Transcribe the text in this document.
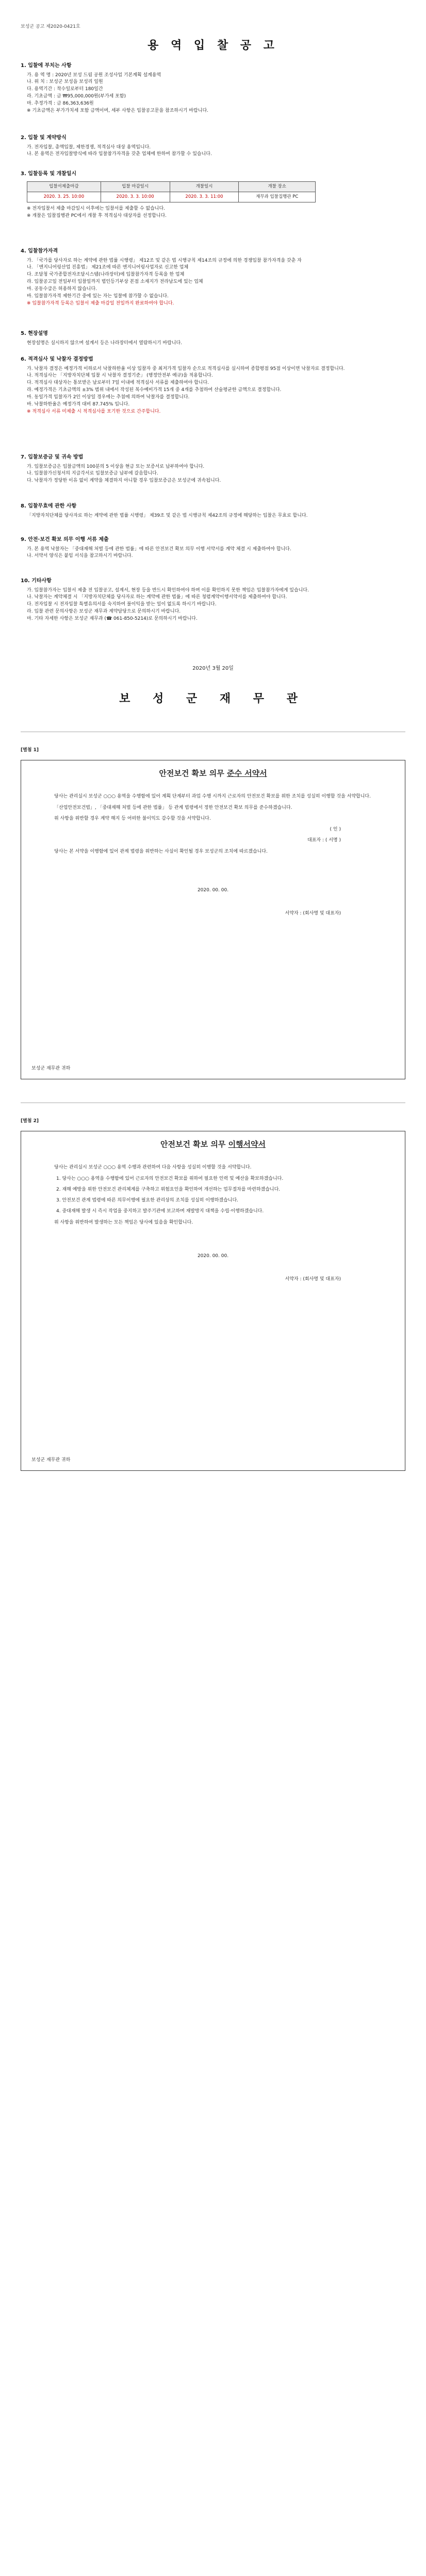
보성군 공고 제2020-0421호
용 역 입 찰 공 고

1. 입찰에 부치는 사항

가. 용 역 명 : 2020년 보성 드림 공원 조성사업 기본계획 설계용역

나. 위 치 : 보성군 보성읍 보성리 일원

다. 용역기간 : 착수일로부터 180일간

라. 기초금액 : 금 ₩95,000,000원(부가세 포함)

마. 추정가격 : 금 86,363,636원

※ 기초금액은 부가가치세 포함 금액이며, 세부 사항은 입찰공고문을 참조하시기 바랍니다.

2. 입찰 및 계약방식

가. 전자입찰, 총액입찰, 제한경쟁, 적격심사 대상 용역입니다.

나. 본 용역은 전자입찰방식에 따라 입찰참가자격을 갖춘 업체에 한하여 참가할 수 있습니다.

3. 입찰등록 및 개찰일시

입찰서제출마감	입찰 마감일시	개찰일시	개찰 장소
2020. 3. 25. 10:00	2020. 3. 3. 10:00	2020. 3. 3. 11:00	재무과 입찰집행관 PC

※ 전자입찰서 제출 마감일시 이후에는 입찰서를 제출할 수 없습니다.

※ 개찰은 입찰집행관 PC에서 개찰 후 적격심사 대상자를 선정합니다.

4. 입찰참가자격

가. 「국가를 당사자로 하는 계약에 관한 법률 시행령」 제12조 및 같은 법 시행규칙 제14조의 규정에 의한 경쟁입찰 참가자격을 갖춘 자

나. 「엔지니어링산업 진흥법」 제21조에 따른 엔지니어링사업자로 신고한 업체

다. 조달청 국가종합전자조달시스템(나라장터)에 입찰참가자격 등록을 한 업체

라. 입찰공고일 전일부터 입찰일까지 법인등기부상 본점 소재지가 전라남도에 있는 업체

마. 공동수급은 허용하지 않습니다.

바. 입찰참가자격 제한기간 중에 있는 자는 입찰에 참가할 수 없습니다.

※ 입찰참가자격 등록은 입찰서 제출 마감일 전일까지 완료하여야 합니다.

5. 현장설명

현장설명은 실시하지 않으며 설계서 등은 나라장터에서 열람하시기 바랍니다.

6. 적격심사 및 낙찰자 결정방법

가. 낙찰자 결정은 예정가격 이하로서 낙찰하한율 이상 입찰자 중 최저가격 입찰자 순으로 적격심사를 실시하여 종합평점 95점 이상이면 낙찰자로 결정합니다.

나. 적격심사는 「지방자치단체 입찰 시 낙찰자 결정기준」 (행정안전부 예규)을 적용합니다.

다. 적격심사 대상자는 통보받은 날로부터 7일 이내에 적격심사 서류를 제출하여야 합니다.

라. 예정가격은 기초금액의 ±3% 범위 내에서 작성된 복수예비가격 15개 중 4개를 추첨하여 산술평균한 금액으로 결정합니다.

마. 동일가격 입찰자가 2인 이상일 경우에는 추첨에 의하여 낙찰자를 결정합니다.

바. 낙찰하한율은 예정가격 대비 87.745% 입니다.

※ 적격심사 서류 미제출 시 적격심사를 포기한 것으로 간주합니다.

7. 입찰보증금 및 귀속 방법

가. 입찰보증금은 입찰금액의 100분의 5 이상을 현금 또는 보증서로 납부하여야 합니다.

나. 입찰참가신청서의 지급각서로 입찰보증금 납부에 갈음합니다.

다. 낙찰자가 정당한 이유 없이 계약을 체결하지 아니할 경우 입찰보증금은 보성군에 귀속됩니다.

8. 입찰무효에 관한 사항

「지방자치단체를 당사자로 하는 계약에 관한 법률 시행령」 제39조 및 같은 법 시행규칙 제42조의 규정에 해당하는 입찰은 무효로 합니다.

9. 안전·보건 확보 의무 이행 서류 제출

가. 본 용역 낙찰자는 「중대재해 처벌 등에 관한 법률」에 따른 안전보건 확보 의무 이행 서약서를 계약 체결 시 제출하여야 합니다.

나. 서약서 양식은 붙임 서식을 참고하시기 바랍니다.

10. 기타사항

가. 입찰참가자는 입찰서 제출 전 입찰공고, 설계서, 현장 등을 반드시 확인하여야 하며 이를 확인하지 못한 책임은 입찰참가자에게 있습니다.

나. 낙찰자는 계약체결 시 「지방자치단체를 당사자로 하는 계약에 관한 법률」에 따른 청렴계약이행서약서를 제출하여야 합니다.

다. 전자입찰 시 전자입찰 특별유의서를 숙지하여 불이익을 받는 일이 없도록 하시기 바랍니다.

라. 입찰 관련 문의사항은 보성군 재무과 계약담당으로 문의하시기 바랍니다.

마. 기타 자세한 사항은 보성군 재무과 (☎ 061-850-5214)로 문의하시기 바랍니다.

2020년 3월 20일
보 성 군 재 무 관
[별첨 1]
안전보건 확보 의무 준수 서약서

당사는 관리실시 보성군 ○○○ 용역을 수행함에 있어 계획 단계부터 과업 수행 시까지 근로자의 안전보건 확보를 위한 조치를 성실히 이행할 것을 서약합니다.

「산업안전보건법」, 「중대재해 처벌 등에 관한 법률」 등 관계 법령에서 정한 안전보건 확보 의무를 준수하겠습니다.

위 사항을 위반할 경우 계약 해지 등 어떠한 불이익도 감수할 것을 서약합니다.

( 인 )

대표자 : ( 서명 )

당사는 본 서약을 이행함에 있어 관계 법령을 위반하는 사실이 확인될 경우 보성군의 조치에 따르겠습니다.

2020. 00. 00.

서약자 : (회사명 및 대표자)

보성군 재무관 귀하
[별첨 2]
안전보건 확보 의무 이행서약서

당사는 관리실시 보성군 ○○○ 용역 수행과 관련하여 다음 사항을 성실히 이행할 것을 서약합니다.

1. 당사는 ○○○ 용역을 수행함에 있어 근로자의 안전보건 확보를 위하여 필요한 인력 및 예산을 확보하겠습니다.

2. 재해 예방을 위한 안전보건 관리체계를 구축하고 위험요인을 확인하여 개선하는 업무절차를 마련하겠습니다.

3. 안전보건 관계 법령에 따른 의무이행에 필요한 관리상의 조치를 성실히 이행하겠습니다.

4. 중대재해 발생 시 즉시 작업을 중지하고 발주기관에 보고하며 재발방지 대책을 수립·이행하겠습니다.

위 사항을 위반하여 발생하는 모든 책임은 당사에 있음을 확인합니다.

2020. 00. 00.

서약자 : (회사명 및 대표자)

보성군 재무관 귀하
